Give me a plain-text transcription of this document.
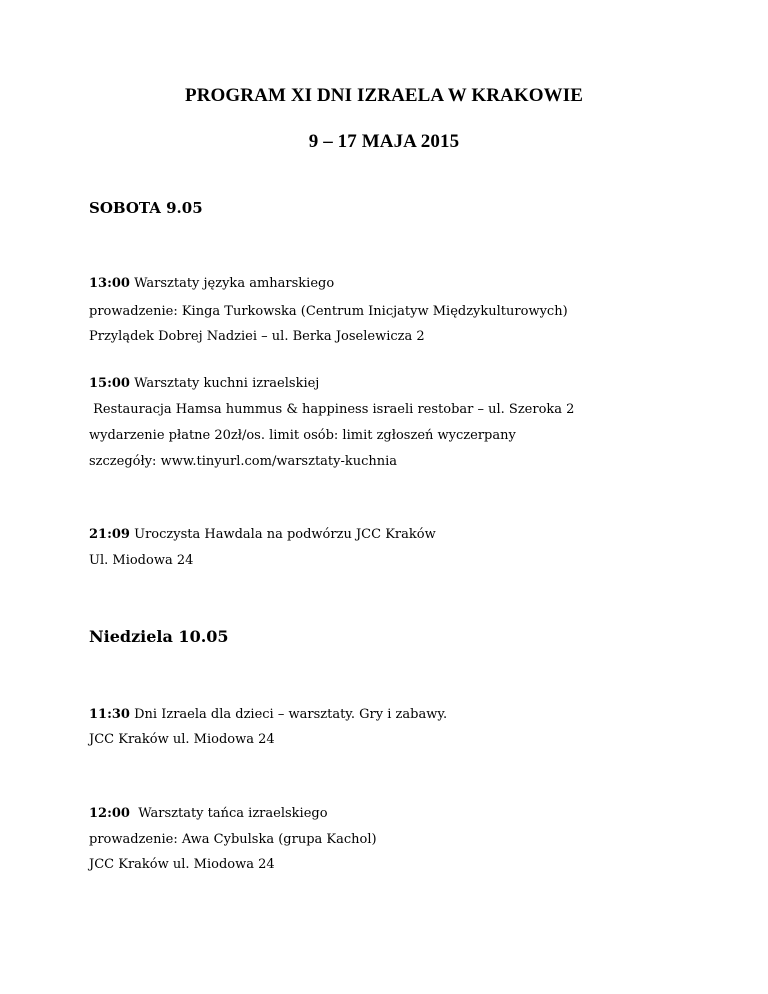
PROGRAM XI DNI IZRAELA W KRAKOWIE
9 – 17 MAJA 2015
SOBOTA 9.05
13:00 Warsztaty języka amharskiego
prowadzenie: Kinga Turkowska (Centrum Inicjatyw Międzykulturowych)
Przylądek Dobrej Nadziei – ul. Berka Joselewicza 2
15:00 Warsztaty kuchni izraelskiej
Restauracja Hamsa hummus & happiness israeli restobar – ul. Szeroka 2
wydarzenie płatne 20zł/os. limit osób: limit zgłoszeń wyczerpany
szczegóły: www.tinyurl.com/warsztaty-kuchnia
21:09 Uroczysta Hawdala na podwórzu JCC Kraków
Ul. Miodowa 24
Niedziela 10.05
11:30 Dni Izraela dla dzieci – warsztaty. Gry i zabawy.
JCC Kraków ul. Miodowa 24
12:00  Warsztaty tańca izraelskiego
prowadzenie: Awa Cybulska (grupa Kachol)
JCC Kraków ul. Miodowa 24
